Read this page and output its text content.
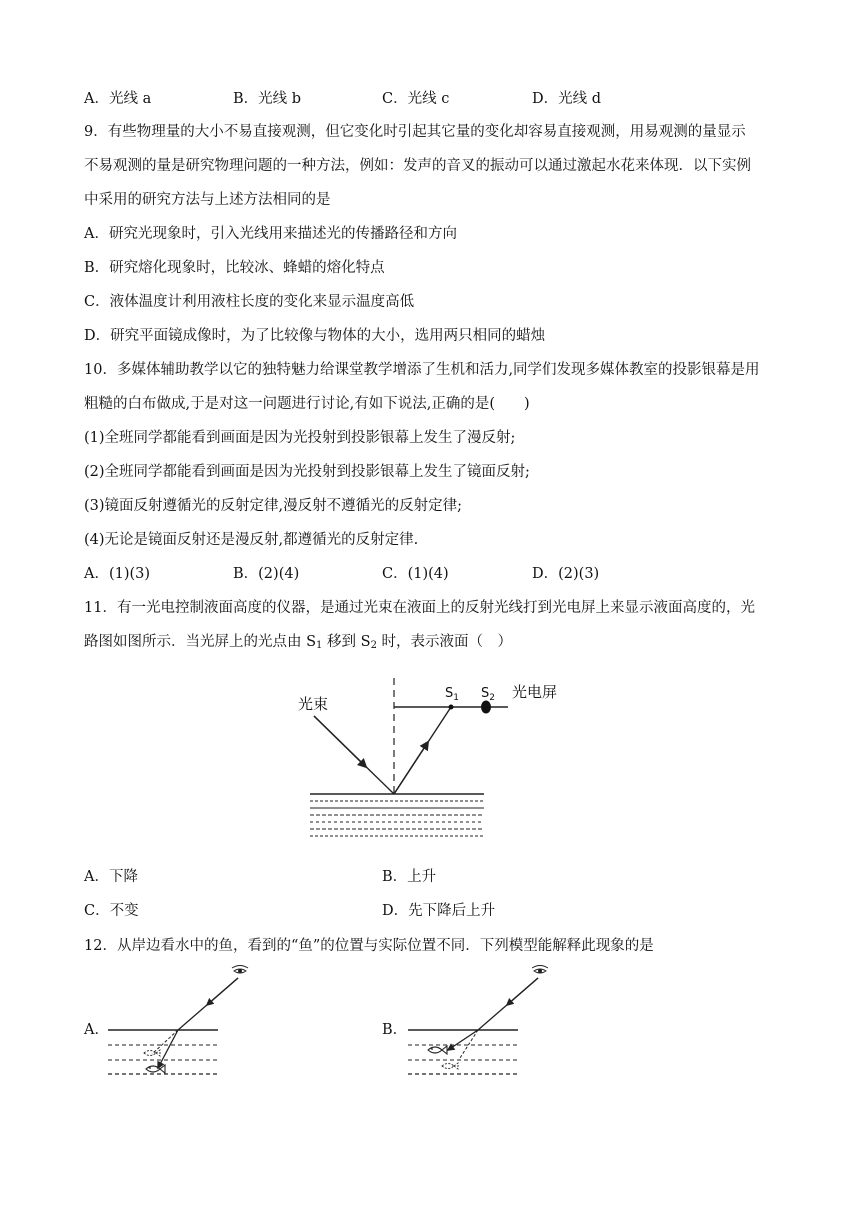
A．光线 a	B．光线 b	C．光线 c	D．光线 d
9．有些物理量的大小不易直接观测，但它变化时引起其它量的变化却容易直接观测，用易观测的量显示
不易观测的量是研究物理问题的一种方法，例如：发声的音叉的振动可以通过激起水花来体现．以下实例
中采用的研究方法与上述方法相同的是
A．研究光现象时，引入光线用来描述光的传播路径和方向
B．研究熔化现象时，比较冰、蜂蜡的熔化特点
C．液体温度计利用液柱长度的变化来显示温度高低
D．研究平面镜成像时，为了比较像与物体的大小，选用两只相同的蜡烛
10．多媒体辅助教学以它的独特魅力给课堂教学增添了生机和活力,同学们发现多媒体教室的投影银幕是用
粗糙的白布做成,于是对这一问题进行讨论,有如下说法,正确的是(　　)
(1)全班同学都能看到画面是因为光投射到投影银幕上发生了漫反射;
(2)全班同学都能看到画面是因为光投射到投影银幕上发生了镜面反射;
(3)镜面反射遵循光的反射定律,漫反射不遵循光的反射定律;
(4)无论是镜面反射还是漫反射,都遵循光的反射定律.
A．(1)(3)	B．(2)(4)	C．(1)(4)	D．(2)(3)
11．有一光电控制液面高度的仪器，是通过光束在液面上的反射光线打到光电屏上来显示液面高度的，光
路图如图所示．当光屏上的光点由 $S_1$ 移到 $S_2$ 时，表示液面（　）
光束
$S_1$ $S_2$ 光电屏
A．下降	B．上升
C．不变	D．先下降后上升
12．从岸边看水中的鱼，看到的“鱼”的位置与实际位置不同．下列模型能解释此现象的是
A．	B．
